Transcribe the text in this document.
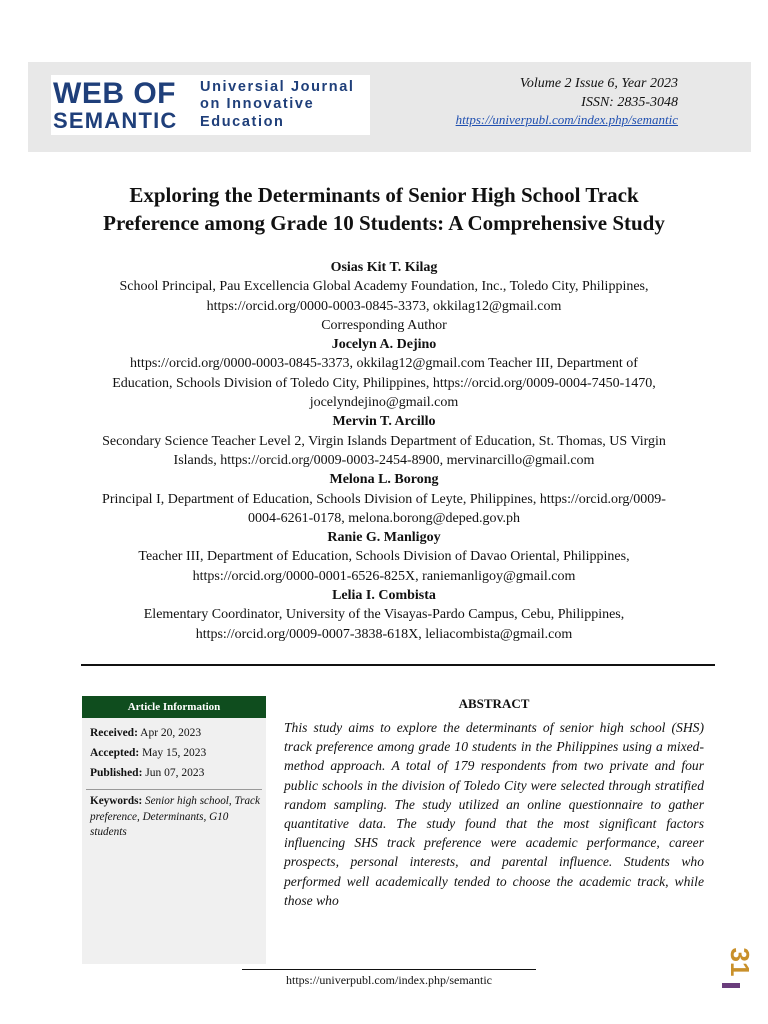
WEB OF
SEMANTIC
Universial Journal
on Innovative
Education
Volume 2 Issue 6, Year 2023
ISSN: 2835-3048
https://univerpubl.com/index.php/semantic
Exploring the Determinants of Senior High School Track
Preference among Grade 10 Students: A Comprehensive Study
Osias Kit T. Kilag
School Principal, Pau Excellencia Global Academy Foundation, Inc., Toledo City, Philippines,
https://orcid.org/0000-0003-0845-3373, okkilag12@gmail.com
Corresponding Author
Jocelyn A. Dejino
https://orcid.org/0000-0003-0845-3373, okkilag12@gmail.com Teacher III, Department of
Education, Schools Division of Toledo City, Philippines, https://orcid.org/0009-0004-7450-1470,
jocelyndejino@gmail.com
Mervin T. Arcillo
Secondary Science Teacher Level 2, Virgin Islands Department of Education, St. Thomas, US Virgin
Islands, https://orcid.org/0009-0003-2454-8900, mervinarcillo@gmail.com
Melona L. Borong
Principal I, Department of Education, Schools Division of Leyte, Philippines, https://orcid.org/0009-
0004-6261-0178, melona.borong@deped.gov.ph
Ranie G. Manligoy
Teacher III, Department of Education, Schools Division of Davao Oriental, Philippines,
https://orcid.org/0000-0001-6526-825X, raniemanligoy@gmail.com
Lelia I. Combista
Elementary Coordinator, University of the Visayas-Pardo Campus, Cebu, Philippines,
https://orcid.org/0009-0007-3838-618X, leliacombista@gmail.com
Article Information
Received: Apr 20, 2023
Accepted: May 15, 2023
Published: Jun 07, 2023
Keywords: Senior high school, Track preference, Determinants, G10 students
ABSTRACT
This study aims to explore the determinants of senior high school (SHS) track preference among grade 10 students in the Philippines using a mixed-method approach. A total of 179 respondents from two private and four public schools in the division of Toledo City were selected through stratified random sampling. The study utilized an online questionnaire to gather quantitative data. The study found that the most significant factors influencing SHS track preference were academic performance, career prospects, personal interests, and parental influence. Students who performed well academically tended to choose the academic track, while those who
https://univerpubl.com/index.php/semantic
31
